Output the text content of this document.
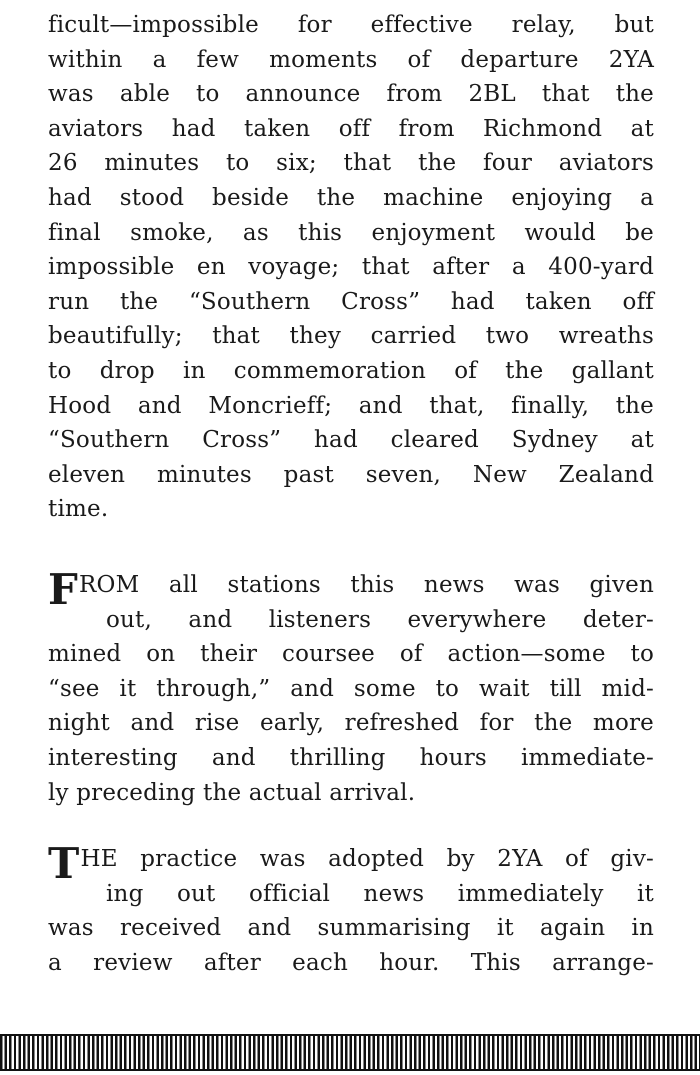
ficult—impossible for effective relay, but
within a few moments of departure 2YA
was able to announce from 2BL that the
aviators had taken off from Richmond at
26 minutes to six; that the four aviators
had stood beside the machine enjoying a
final smoke, as this enjoyment would be
impossible en voyage; that after a 400-yard
run the “Southern Cross” had taken off
beautifully; that they carried two wreaths
to drop in commemoration of the gallant
Hood and Moncrieff; and that, finally, the
“Southern Cross” had cleared Sydney at
eleven minutes past seven, New Zealand
time.
FROM all stations this news was given
out, and listeners everywhere deter-
mined on their coursee of action—some to
“see it through,” and some to wait till mid-
night and rise early, refreshed for the more
interesting and thrilling hours immediate-
ly preceding the actual arrival.
THE practice was adopted by 2YA of giv-
ing out official news immediately it
was received and summarising it again in
a review after each hour. This arrange-
